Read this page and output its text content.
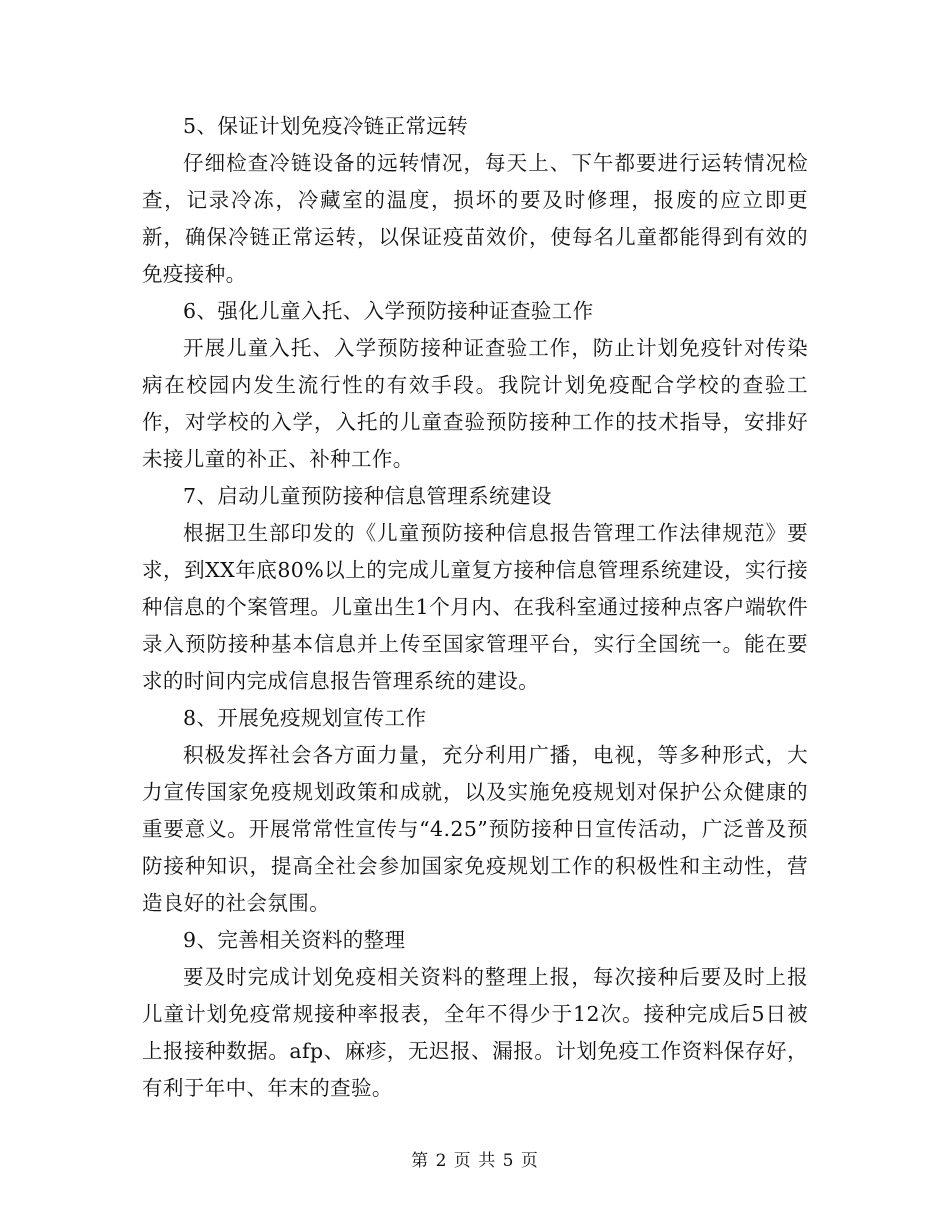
5、保证计划免疫冷链正常远转

仔细检查冷链设备的远转情况，每天上、下午都要进行运转情况检查，记录冷冻，冷藏室的温度，损坏的要及时修理，报废的应立即更新，确保冷链正常运转，以保证疫苗效价，使每名儿童都能得到有效的免疫接种。

6、强化儿童入托、入学预防接种证查验工作

开展儿童入托、入学预防接种证查验工作，防止计划免疫针对传染病在校园内发生流行性的有效手段。我院计划免疫配合学校的查验工作，对学校的入学，入托的儿童查验预防接种工作的技术指导，安排好未接儿童的补正、补种工作。

7、启动儿童预防接种信息管理系统建设

根据卫生部印发的《儿童预防接种信息报告管理工作法律规范》要求，到XX年底80%以上的完成儿童复方接种信息管理系统建设，实行接种信息的个案管理。儿童出生1个月内、在我科室通过接种点客户端软件录入预防接种基本信息并上传至国家管理平台，实行全国统一。能在要求的时间内完成信息报告管理系统的建设。

8、开展免疫规划宣传工作

积极发挥社会各方面力量，充分利用广播，电视，等多种形式，大力宣传国家免疫规划政策和成就，以及实施免疫规划对保护公众健康的重要意义。开展常常性宣传与“4.25”预防接种日宣传活动，广泛普及预防接种知识，提高全社会参加国家免疫规划工作的积极性和主动性，营造良好的社会氛围。

9、完善相关资料的整理

要及时完成计划免疫相关资料的整理上报，每次接种后要及时上报儿童计划免疫常规接种率报表，全年不得少于12次。接种完成后5日被上报接种数据。afp、麻疹，无迟报、漏报。计划免疫工作资料保存好，有利于年中、年末的查验。

第 2 页 共 5 页
